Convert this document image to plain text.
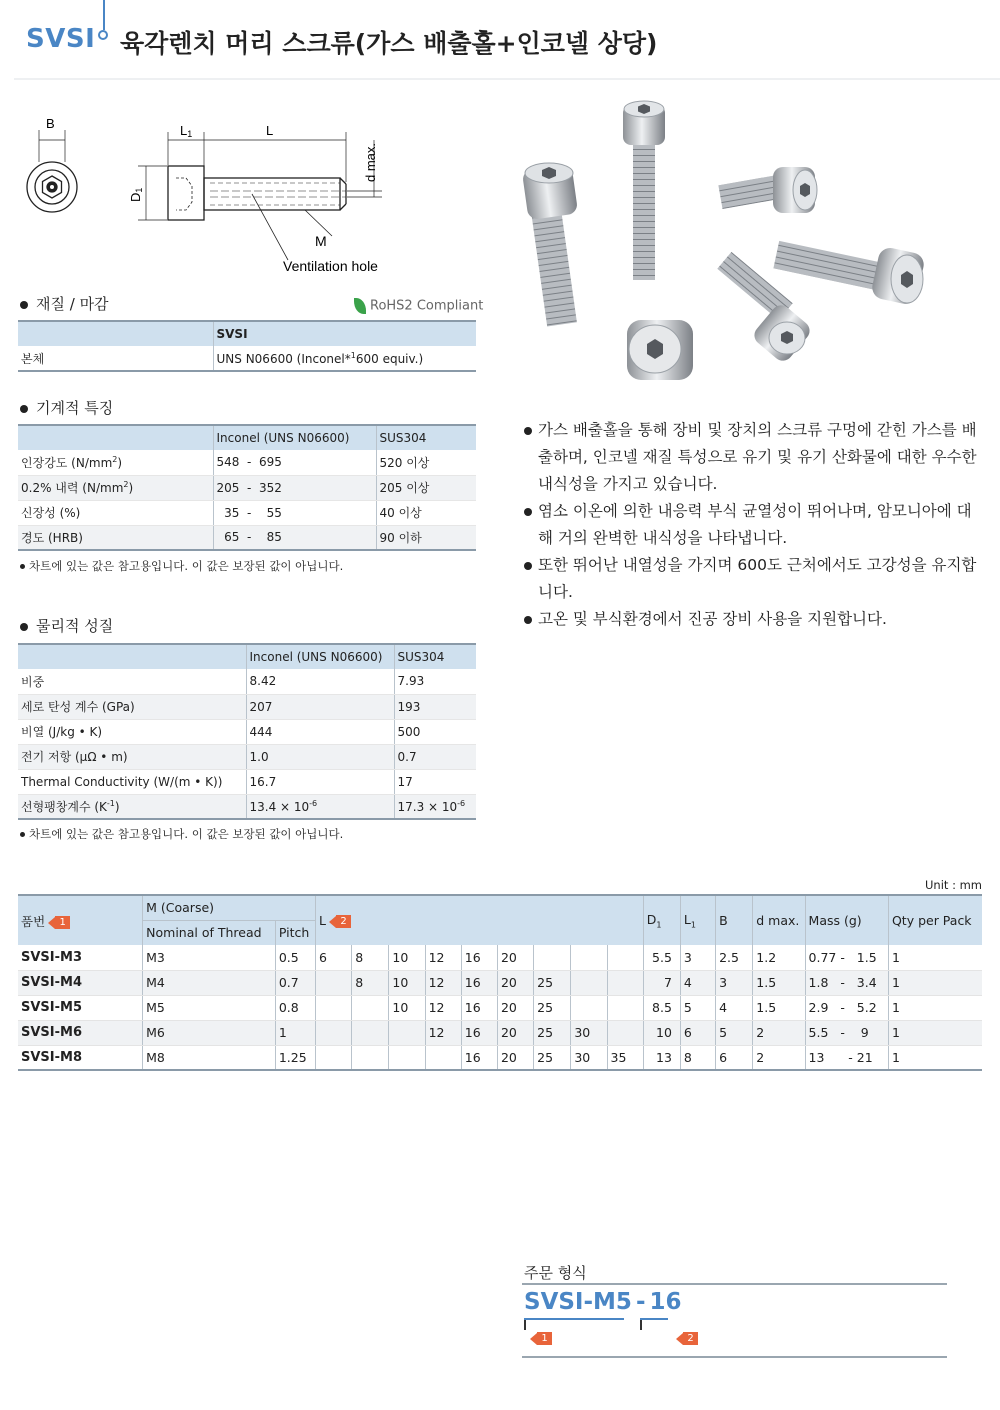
SVSI 육각렌치 머리 스크류(가스 배출홀+인코넬 상당)
B	L1	L
D1
d max.
M
Ventilation hole
재질 / 마감	RoHS2 Compliant
	SVSI
본체	UNS N06600 (Inconel*$^1$600 equiv.)
기계적 특징
	Inconel (UNS N06600)	SUS304
인장강도 $(N/mm^2)$	548  -  695	520 이상
0.2% 내력 $(N/mm^2)$	205  -  352	205 이상
신장성 (%)	35  -    55	40 이상
경도 (HRB)	65  -    85	90 이하
차트에 있는 값은 참고용입니다. 이 값은 보장된 값이 아닙니다.
물리적 성질
	Inconel (UNS N06600)	SUS304
비중	8.42	7.93
세로 탄성 계수 (GPa)	207	193
비열 (J/kg • K)	444	500
전기 저항 (μΩ • m)	1.0	0.7
Thermal Conductivity (W/(m • K))	16.7	17
선형팽창계수 $(K^{-1})$	$13.4 \times 10^{-6}$	$17.3 \times 10^{-6}$
차트에 있는 값은 참고용입니다. 이 값은 보장된 값이 아닙니다.
가스 배출홀을 통해 장비 및 장치의 스크류 구멍에 갇힌 가스를 배출하며, 인코넬 재질 특성으로 유기 및 유기 산화물에 대한 우수한 내식성을 가지고 있습니다.
염소 이온에 의한 내응력 부식 균열성이 뛰어나며, 암모니아에 대해 거의 완벽한 내식성을 나타냅니다.
또한 뛰어난 내열성을 가지며 600도 근처에서도 고강성을 유지합니다.
고온 및 부식환경에서 진공 장비 사용을 지원합니다.
Unit : mm
품번 1	M (Coarse)		L 2									$D_1$	$L_1$	B	d max.	Mass (g)	Qty per Pack
	Nominal of Thread	Pitch															
SVSI-M3	M3	0.5	6	8	10	12	16	20				5.5	3	2.5	1.2	0.77 -   1.5	1
SVSI-M4	M4	0.7		8	10	12	16	20	25			7	4	3	1.5	1.8   -   3.4	1
SVSI-M5	M5	0.8			10	12	16	20	25			8.5	5	4	1.5	2.9   -   5.2	1
SVSI-M6	M6	1				12	16	20	25	30		10	6	5	2	5.5   -    9	1
SVSI-M8	M8	1.25					16	20	25	30	35	13	8	6	2	13      - 21	1
주문 형식
SVSI-M5 - 16
1
	2
